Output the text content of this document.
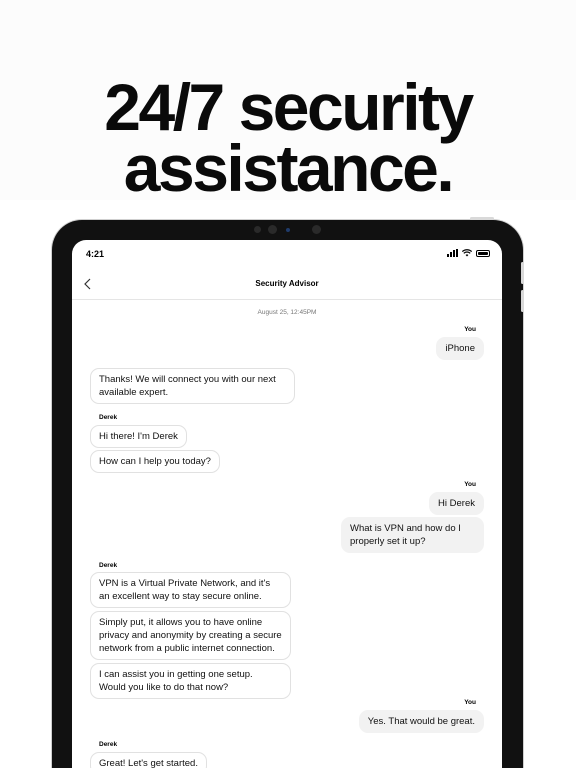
24/7 security
assistance.
4:21
Security Advisor
August 25, 12:45PM
You
iPhone
Thanks! We will connect you with our next available expert.
Derek
Hi there! I'm Derek
How can I help you today?
You
Hi Derek
What is VPN and how do I properly set it up?
Derek
VPN is a Virtual Private Network, and it's an excellent way to stay secure online.
Simply put, it allows you to have online privacy and anonymity by creating a secure network from a public internet connection.
I can assist you in getting one setup. Would you like to do that now?
You
Yes. That would be great.
Derek
Great! Let's get started.
